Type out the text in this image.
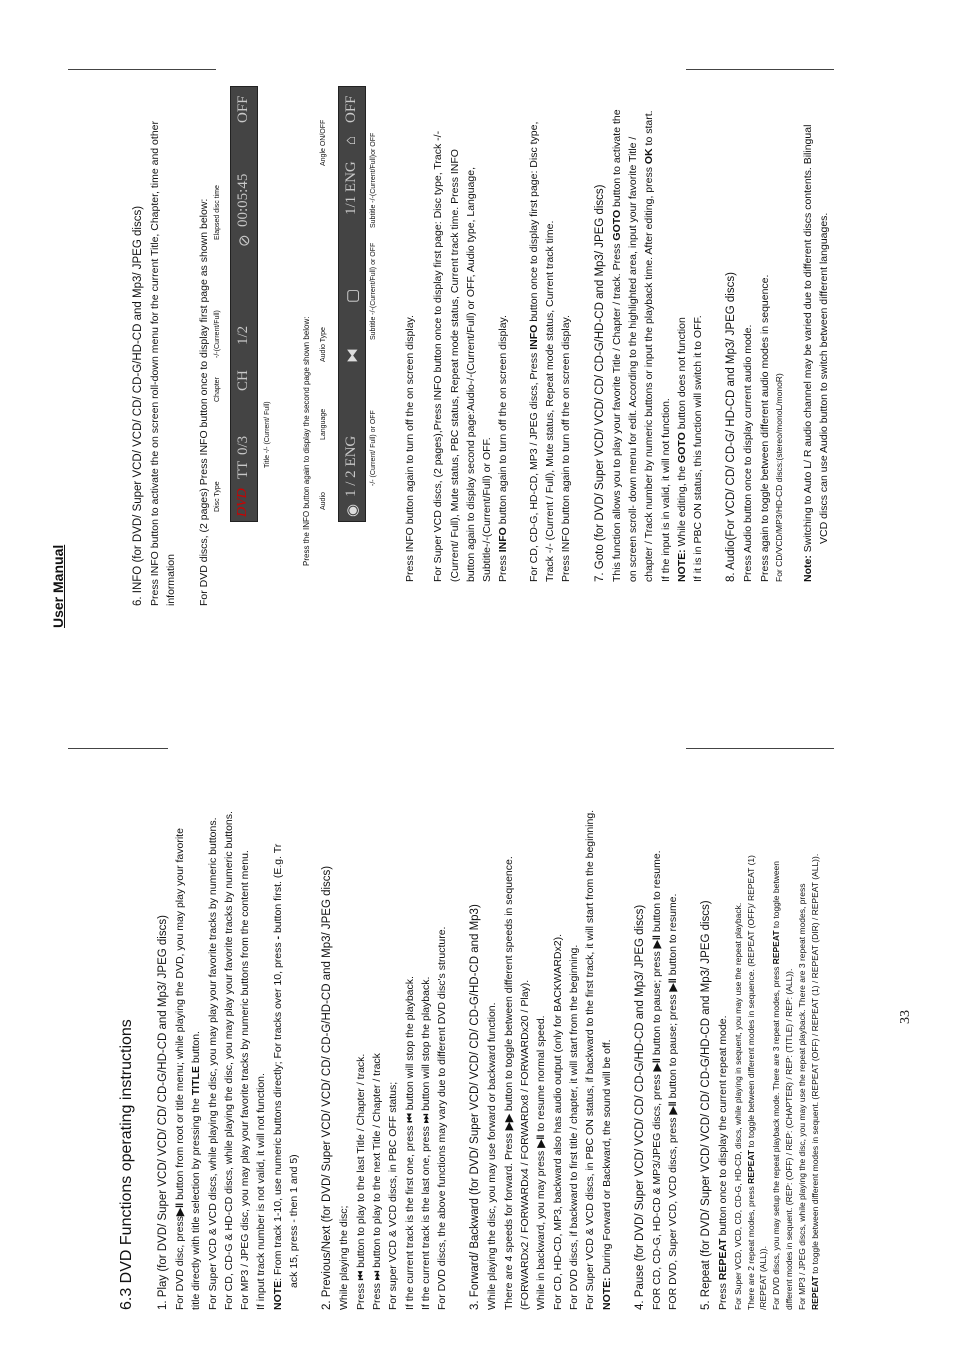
33

6.3 DVD Functions operating instructions 1. Play (for DVD/ Super VCD/ VCD/ CD/ CD-G/HD-CD and Mp3/ JPEG discs) For DVD disc, press▶‖ button from root or title menu; while playing the DVD, you may play your favorite title directly with title selection by pressing the TITLE button. For Super VCD & VCD discs, while playing the disc, you may play your favorite tracks by numeric buttons. For CD, CD-G & HD-CD discs, while playing the disc, you may play your favorite tracks by numeric buttons. For MP3 / JPEG disc, you may play your favorite tracks by numeric buttons from the content menu. If input track number is not valid, it will not function. NOTE: From track 1-10, use numeric buttons directly; For tracks over 10, press - button first. (E.g. Tr

ack 15, press - then 1 and 5) 2. Previous/Next (for DVD/ Super VCD/ VCD/ CD/ CD-G/HD-CD and Mp3/ JPEG discs) While playing the disc; Press ⏮ button to play to the last Title / Chapter / track.

Press ⏭ button to play to the next Title / Chapter / track For super VCD & VCD discs, in PBC OFF status; If the current track is the first one, press ⏮ button will stop the playback.

If the current track is the last one, press ⏭ button will stop the playback. For DVD discs, the above functions may vary due to different DVD disc's structure. 3. Forward/ Backward (for DVD/ Super VCD/ VCD/ CD/ CD-G/HD-CD and Mp3) While playing the disc, you may use forward or backward function. There are 4 speeds for forward. Press ▶▶ button to toggle between different speeds in sequence. (FORWARDx2 / FORWARDx4 / FORWARDx8 / FORWARDx20 / Play). While in backward, you may press ▶‖ to resume normal speed. For CD, HD-CD, MP3, backward also has audio output (only for BACKWARDx2). For DVD discs, if backward to first title / chapter, it will start from the beginning. For Super VCD & VCD discs, in PBC ON status, if backward to the first track, it will start from the beginning. NOTE: During Forward or Backward, the sound will be off. 4. Pause (for DVD/ Super VCD/ VCD/ CD/ CD-G/HD-CD and Mp3/ JPEG discs) FOR CD, CD-G, HD-CD & MP3/JPEG discs, press ▶‖ button to pause; press ▶‖ button to resume.

FOR DVD, Super VCD, VCD discs, press ▶‖ button to pause; press ▶‖ button to resume. 5. Repeat (for DVD/ Super VCD/ VCD/ CD/ CD-G/HD-CD and Mp3/ JPEG discs) Press REPEAT button once to display the current repeat mode. For Super VCD, VCD, CD, CD-G, HD-CD, discs, while playing in sequent, you may use the repeat playback. There are 2 repeat modes, press REPEAT to toggle between different modes in sequence. (REPEAT (OFF)/ REPEAT (1)

/REPEAT (ALL)). For DVD discs, you may setup the repeat playback mode. There are 3 repeat modes, press REPEAT to toggle between

different modes in sequent. (REP: (OFF) / REP: (CHAPTER) / REP: (TITLE) / REP: (ALL)). For MP3 / JPEG discs, while playing the disc, you may use the repeat playback. There are 3 repeat modes, press REPEAT to toggle between different modes in sequent. (REPEAT (OFF) / REPEAT (1) / REPEAT (DIR) / REPEAT (ALL)).

User Manual	6. INFO (for DVD/ Super VCD/ VCD/ CD/ CD-G/HD-CD and Mp3/ JPEG discs) Press INFO button to activate the on screen roll-down menu for the current Title, Chapter, time and other information For DVD discs, (2 pages) Press INFO button once to display first page as shown below: Disc Type
Chapter
-/-(Current/Full)
Elapsed disc time
Angle ON/OFF
DVD
TT
0/3
CH
1/2
⊘
00:05:45
OFF
Title -/- (Current/ Full)	Press the INFO button again to display the second page shown below: Audio
Language
Audio Type
◉
1 / 2 ENG
⧓
▢
1/1 ENG
⌂
OFF
-/- (Current/ Full) or OFF
Subtitle -/-(Current/Full) or OFF
Subtitle -/-(Current/Full)or OFF

Press INFO button again to turn off the on screen display. For Super VCD discs, (2 pages),Press INFO button once to display first page: Disc type, Track -/- (Current/ Full), Mute status, PBC status, Repeat mode status, Current track time. Press INFO button again to display second page:Audio-/-(Current/Full) or OFF, Audio type, Language, Subtitle-/-(Current/Full) or OFF. Press INFO button again to turn off the on screen display. For CD, CD-G, HD-CD, MP3 / JPEG discs, Press INFO button once to display first page: Disc type, Track -/- (Current / Full), Mute status, Repeat mode status, Current track time. Press INFO button again to turn off the on screen display. 7. Goto (for DVD/ Super VCD/ VCD/ CD/ CD-G/HD-CD and Mp3/ JPEG discs) This function allows you to play your favorite Title / Chapter / track. Press GOTO button to activate the on screen scroll- down menu for edit. According to the highlighted area, input your favorite Title / chapter / Track number by numeric buttons or input the playback time. After editing, press OK to start.

If the input is in valid, it will not function. NOTE: While editing, the GOTO button does not function If it is in PBC ON status, this function will switch it to OFF. 8. Audio(For VCD/ CD/ CD-G/ HD-CD and Mp3/ JPEG discs) Press Audio button once to display current audio mode. Press again to toggle between different audio modes in sequence. For CD/VCD/MP3/HD-CD discs:(stereo/monoL/monoR) Note: Switching to Auto L/ R audio channel may be varied due to different discs contents. Bilingual VCD discs can use Audio button to switch between different languages.
